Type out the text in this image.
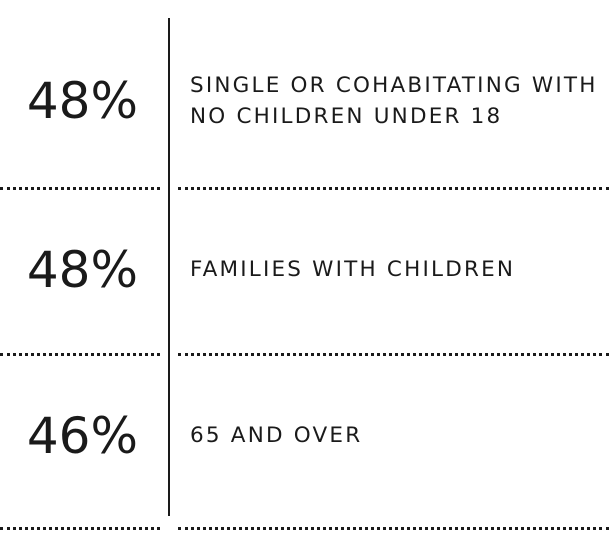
48%	SINGLE OR COHABITATING WITH NO CHILDREN UNDER 18
48%	FAMILIES WITH CHILDREN
46%	65 AND OVER
